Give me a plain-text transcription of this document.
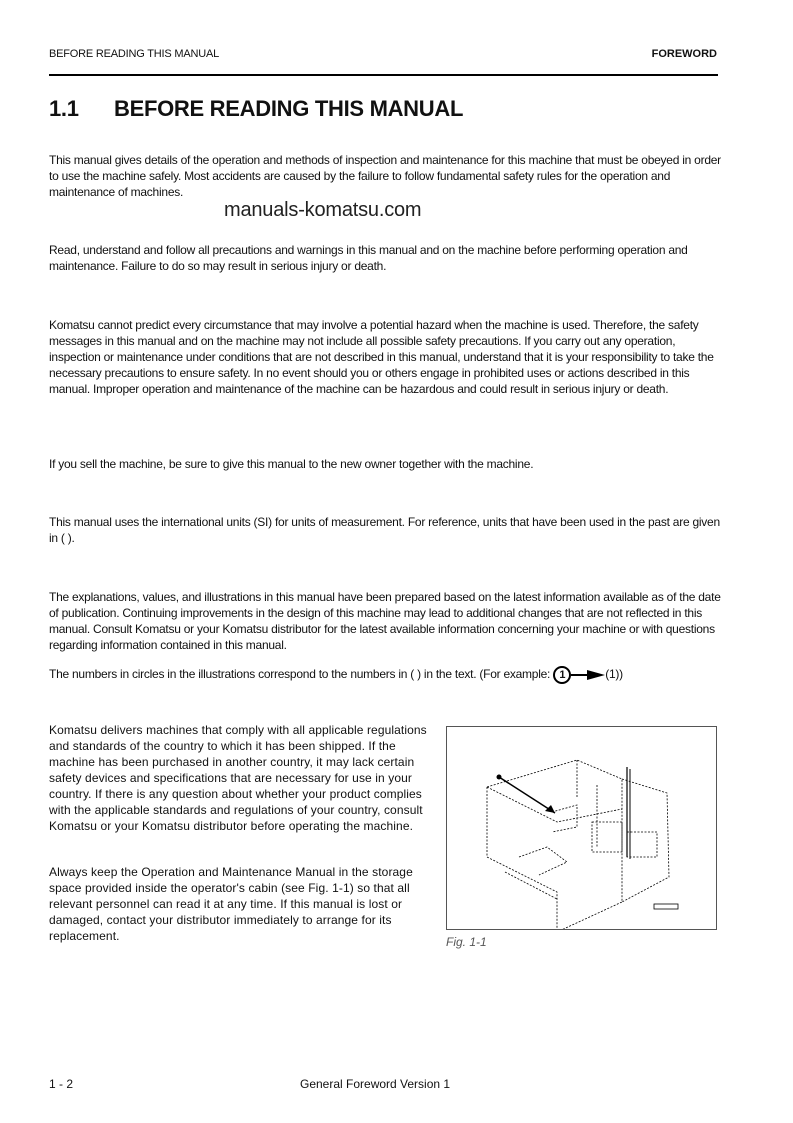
BEFORE READING THIS MANUAL	FOREWORD
1.1 BEFORE READING THIS MANUAL

This manual gives details of the operation and methods of inspection and maintenance for this machine that must be obeyed in order to use the machine safely. Most accidents are caused by the failure to follow fundamental safety rules for the operation and maintenance of machines.

manuals-komatsu.com

Read, understand and follow all precautions and warnings in this manual and on the machine before performing operation and maintenance. Failure to do so may result in serious injury or death.

Komatsu cannot predict every circumstance that may involve a potential hazard when the machine is used. Therefore, the safety messages in this manual and on the machine may not include all possible safety precautions. If you carry out any operation, inspection or maintenance under conditions that are not described in this manual, understand that it is your responsibility to take the necessary precautions to ensure safety. In no event should you or others engage in prohibited uses or actions described in this manual. Improper operation and maintenance of the machine can be hazardous and could result in serious injury or death.

If you sell the machine, be sure to give this manual to the new owner together with the machine.

This manual uses the international units (SI) for units of measurement. For reference, units that have been used in the past are given in ( ).

The explanations, values, and illustrations in this manual have been prepared based on the latest information available as of the date of publication. Continuing improvements in the design of this machine may lead to additional changes that are not reflected in this manual. Consult Komatsu or your Komatsu distributor for the latest available information concerning your machine or with questions regarding information contained in this manual.

The numbers in circles in the illustrations correspond to the numbers in ( ) in the text. (For example: 1	(1))

Komatsu delivers machines that comply with all applicable regulations and standards of the country to which it has been shipped. If the machine has been purchased in another country, it may lack certain safety devices and specifications that are necessary for use in your country. If there is any question about whether your product complies with the applicable standards and regulations of your country, consult Komatsu or your Komatsu distributor before operating the machine.

Always keep the Operation and Maintenance Manual in the storage space provided inside the operator's cabin (see Fig. 1-1) so that all relevant personnel can read it at any time. If this manual is lost or damaged, contact your distributor immediately to arrange for its replacement.	Fig. 1-1
1 - 2	General Foreword Version 1
